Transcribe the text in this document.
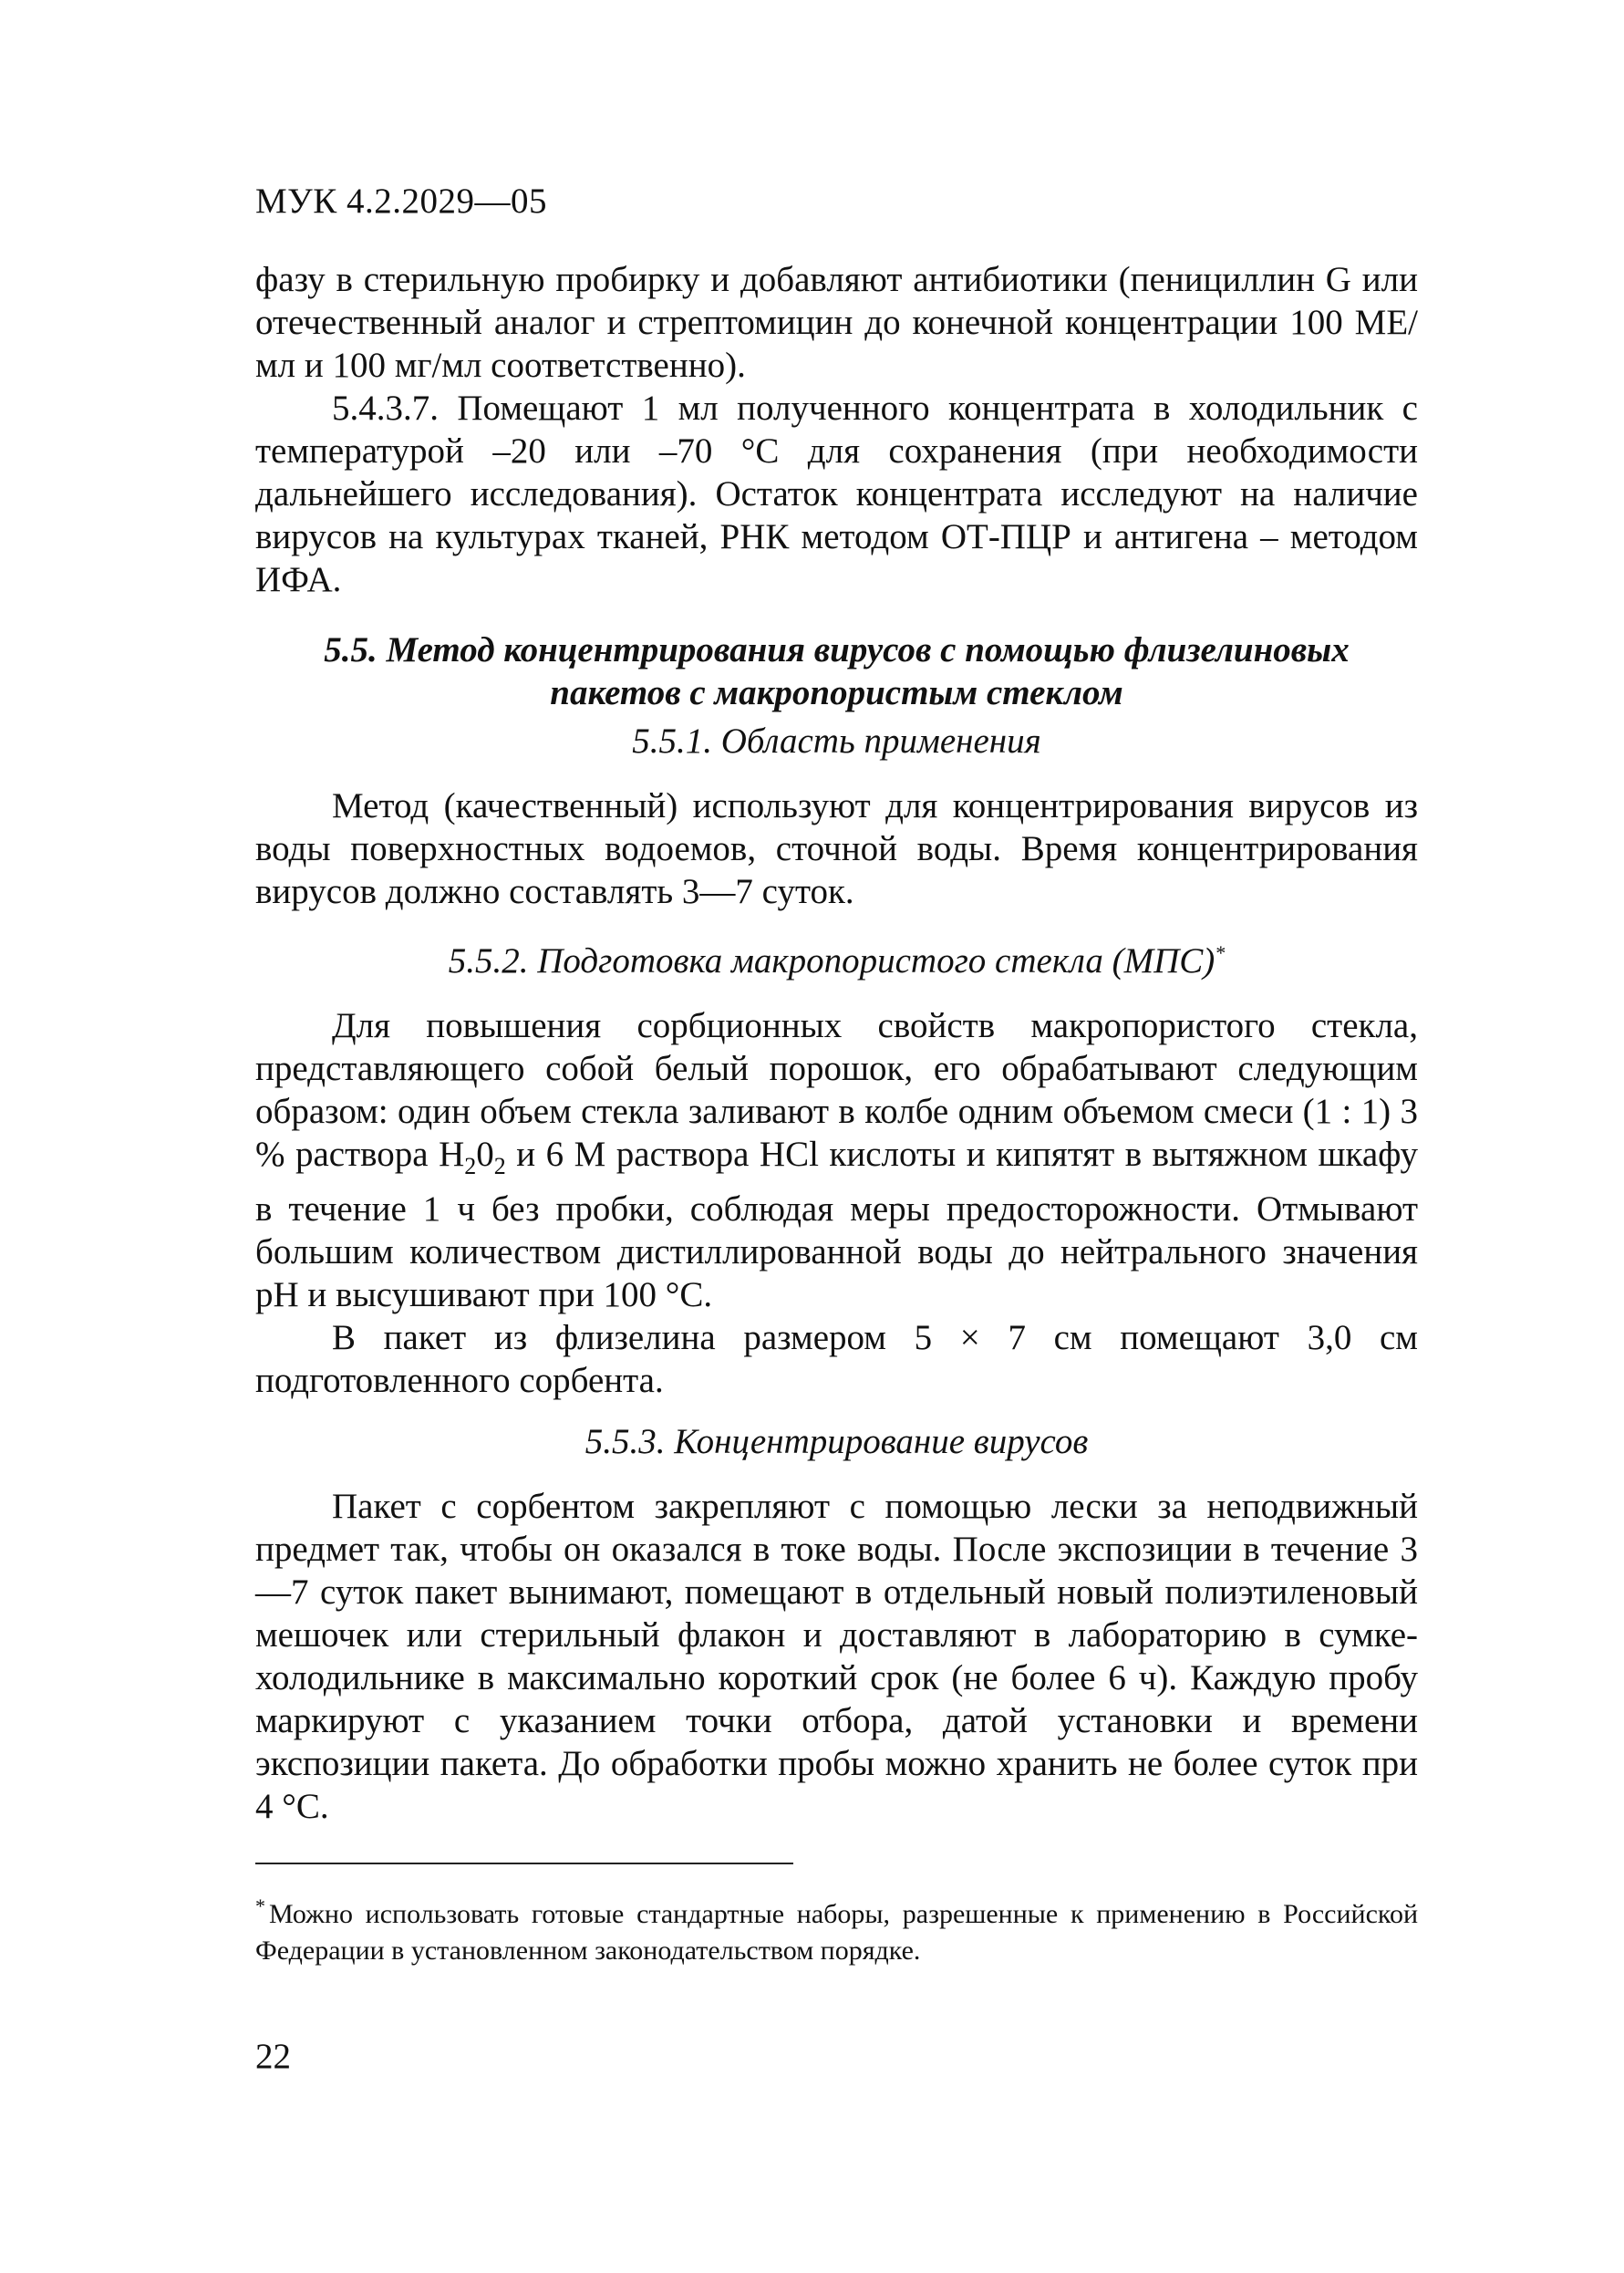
МУК 4.2.2029—05

фазу в стерильную пробирку и добавляют антибиотики (пенициллин G или отечественный аналог и стрептомицин до конечной концентрации 100 МЕ/мл и 100 мг/мл соответственно).

5.4.3.7. Помещают 1 мл полученного концентрата в холодильник с температурой –20 или –70 °С для сохранения (при необходимости дальнейшего исследования). Остаток концентрата исследуют на наличие вирусов на культурах тканей, РНК методом ОТ-ПЦР и антигена – методом ИФА.

5.5. Метод концентрирования вирусов с помощью флизелиновых
пакетов с макропористым стеклом
5.5.1. Область применения

Метод (качественный) используют для концентрирования вирусов из воды поверхностных водоемов, сточной воды. Время концентрирования вирусов должно составлять 3—7 суток.

5.5.2. Подготовка макропористого стекла (МПС)*

Для повышения сорбционных свойств макропористого стекла, представляющего собой белый порошок, его обрабатывают следующим образом: один объем стекла заливают в колбе одним объемом смеси (1 : 1) 3 % раствора $H_20_2$ и 6 М раствора HCl кислоты и кипятят в вытяжном шкафу в течение 1 ч без пробки, соблюдая меры предосторожности. Отмывают большим количеством дистиллированной воды до нейтрального значения pH и высушивают при 100 °С.

В пакет из флизелина размером 5 × 7 см помещают 3,0 см подготовленного сорбента.

5.5.3. Концентрирование вирусов

Пакет с сорбентом закрепляют с помощью лески за неподвижный предмет так, чтобы он оказался в токе воды. После экспозиции в течение 3—7 суток пакет вынимают, помещают в отдельный новый полиэтиленовый мешочек или стерильный флакон и доставляют в лабораторию в сумке-холодильнике в максимально короткий срок (не более 6 ч). Каждую пробу маркируют с указанием точки отбора, датой установки и времени экспозиции пакета. До обработки пробы можно хранить не более суток при 4 °С.

* Можно использовать готовые стандартные наборы, разрешенные к применению в Российской Федерации в установленном законодательством порядке.
22
